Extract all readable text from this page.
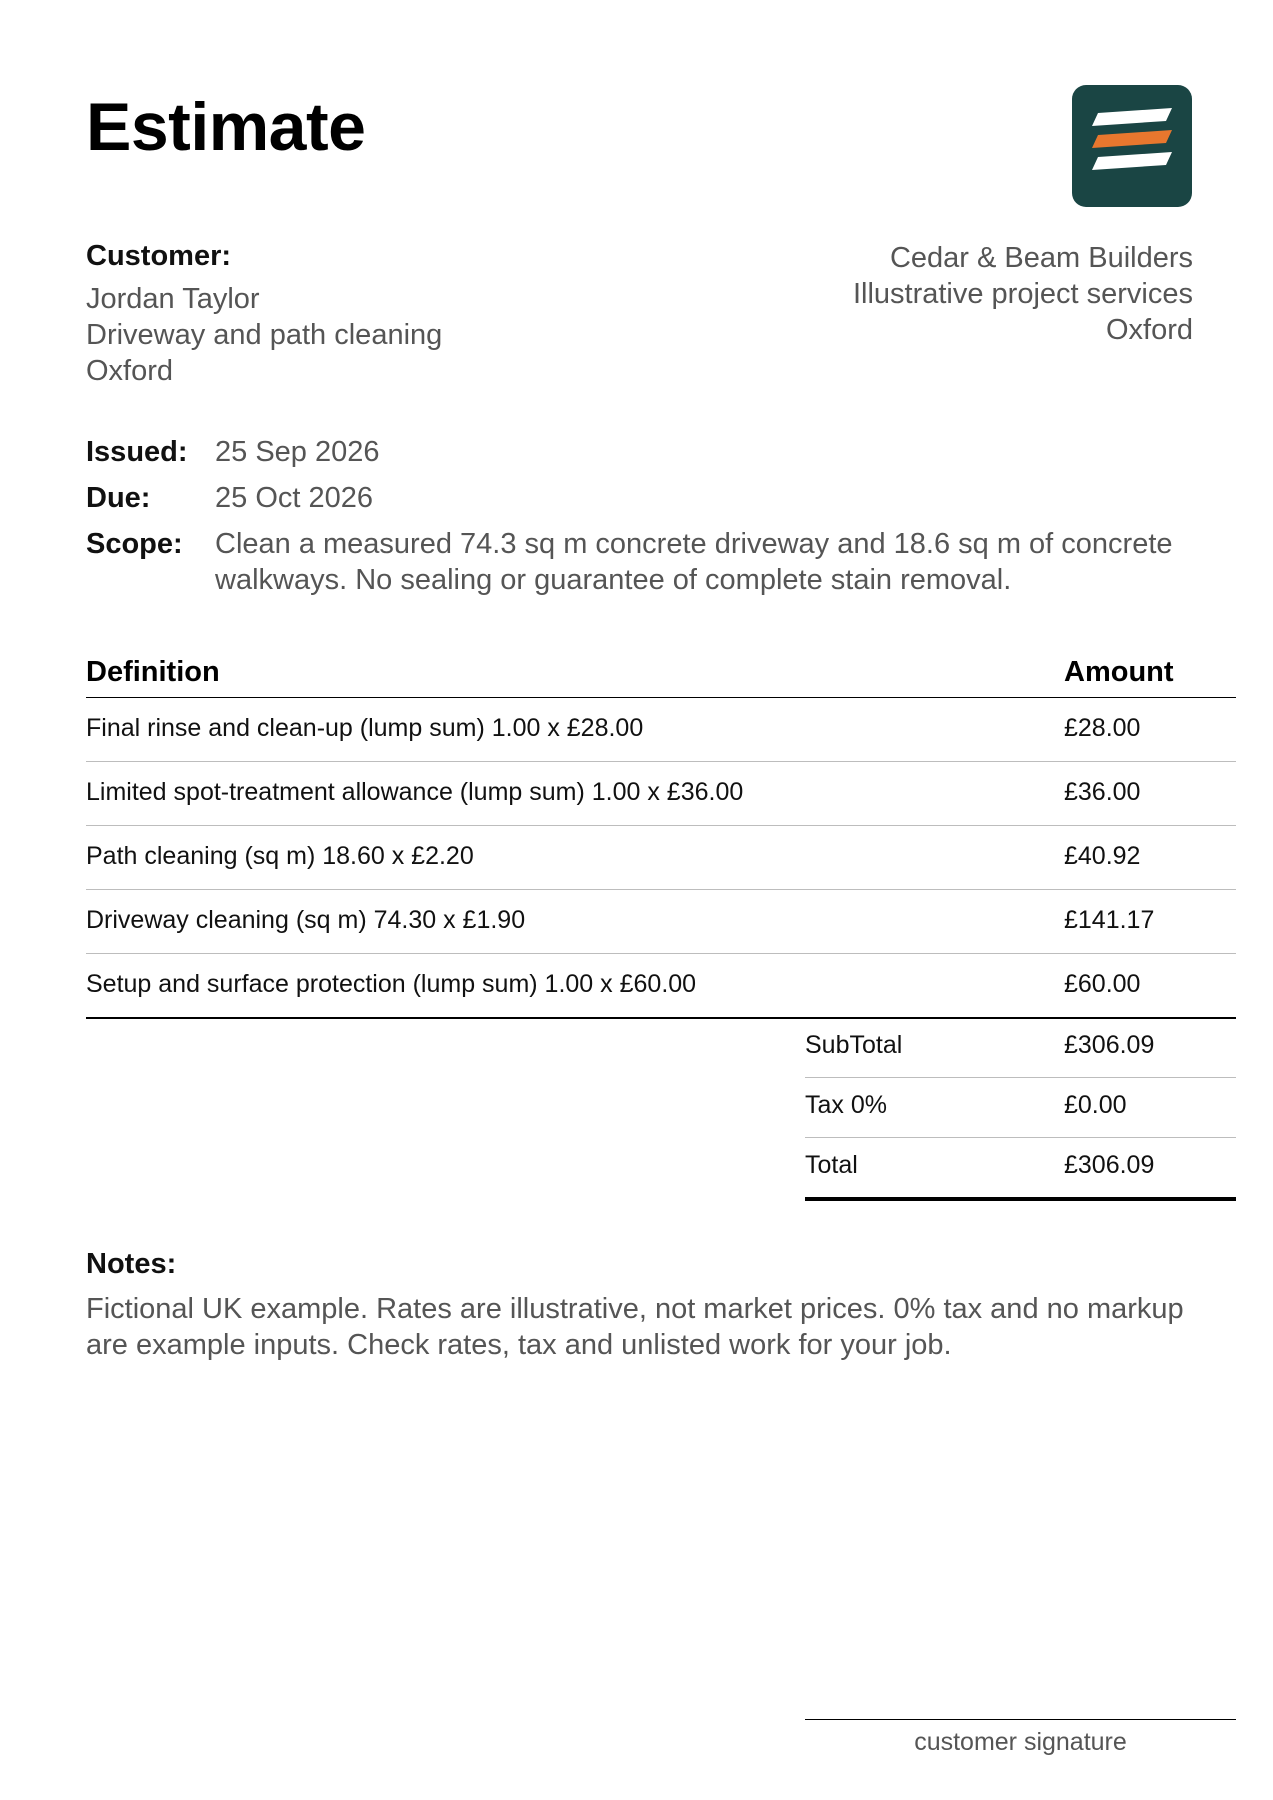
Estimate
Customer:
Jordan Taylor
Driveway and path cleaning
Oxford
Cedar & Beam Builders
Illustrative project services
Oxford
Issued: 25 Sep 2026
Due:	25 Oct 2026
Scope:	Clean a measured 74.3 sq m concrete driveway and 18.6 sq m of concrete walkways. No sealing or guarantee of complete stain removal.
Definition	Amount
Final rinse and clean-up (lump sum) 1.00 x £28.00	£28.00
Limited spot-treatment allowance (lump sum) 1.00 x £36.00	£36.00
Path cleaning (sq m) 18.60 x £2.20	£40.92
Driveway cleaning (sq m) 74.30 x £1.90	£141.17
Setup and surface protection (lump sum) 1.00 x £60.00	£60.00
SubTotal	£306.09
Tax 0%	£0.00
Total	£306.09
Notes:
Fictional UK example. Rates are illustrative, not market prices. 0% tax and no markup are example inputs. Check rates, tax and unlisted work for your job.
customer signature
